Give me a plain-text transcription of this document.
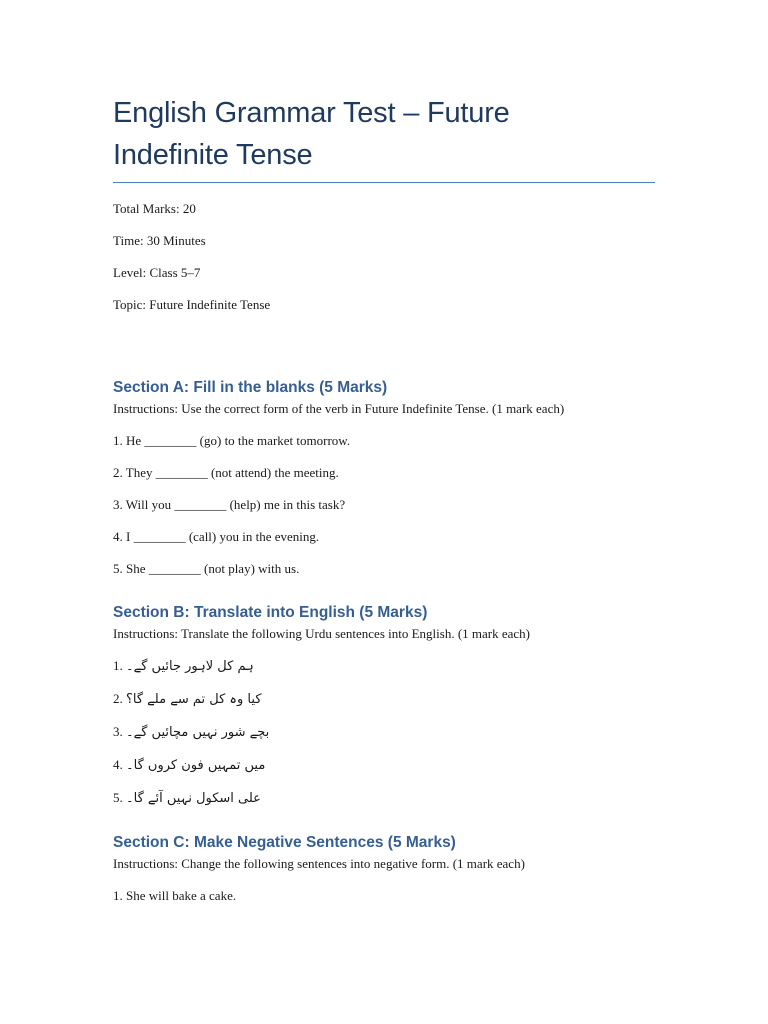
English Grammar Test – Future
Indefinite Tense

Total Marks: 20

Time: 30 Minutes

Level: Class 5–7

Topic: Future Indefinite Tense

Section A: Fill in the blanks (5 Marks)

Instructions: Use the correct form of the verb in Future Indefinite Tense. (1 mark each)

1. He ________ (go) to the market tomorrow.

2. They ________ (not attend) the meeting.

3. Will you ________ (help) me in this task?

4. I ________ (call) you in the evening.

5. She ________ (not play) with us.

Section B: Translate into English (5 Marks)

Instructions: Translate the following Urdu sentences into English. (1 mark each)

1. ہم کل لاہور جائیں گے۔

2. کیا وہ کل تم سے ملے گا؟

3. بچے شور نہیں مچائیں گے۔

4. میں تمہیں فون کروں گا۔

5. علی اسکول نہیں آئے گا۔

Section C: Make Negative Sentences (5 Marks)

Instructions: Change the following sentences into negative form. (1 mark each)

1. She will bake a cake.
